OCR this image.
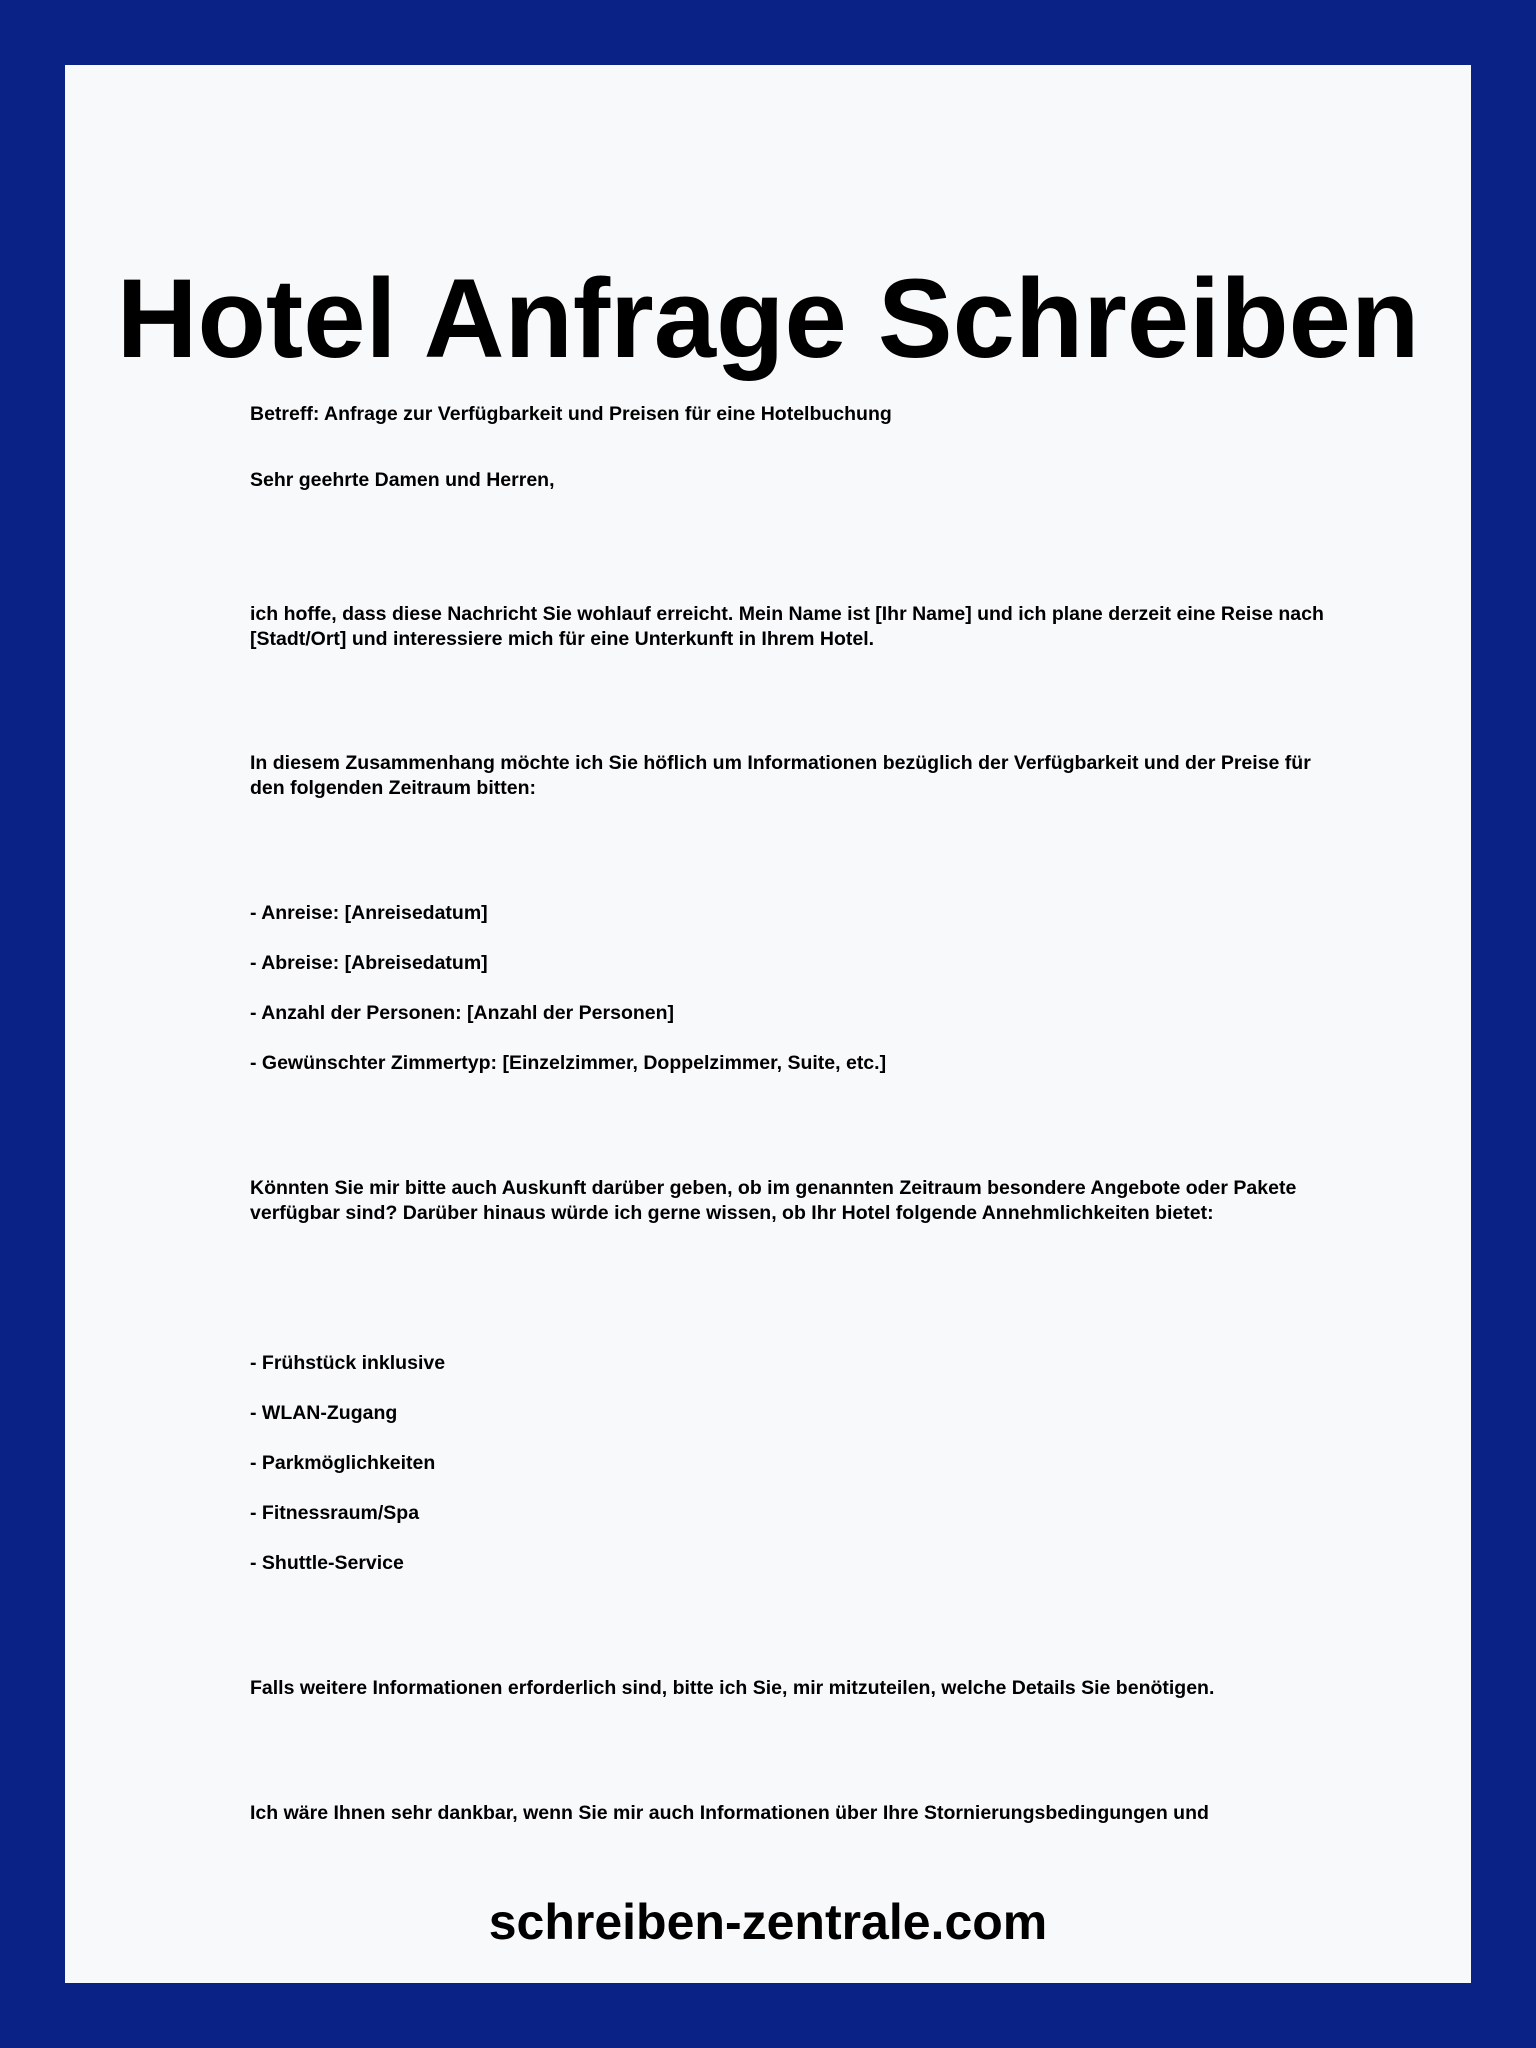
Hotel Anfrage Schreiben

Betreff: Anfrage zur Verfügbarkeit und Preisen für eine Hotelbuchung

Sehr geehrte Damen und Herren,

ich hoffe, dass diese Nachricht Sie wohlauf erreicht. Mein Name ist [Ihr Name] und ich plane derzeit eine Reise nach [Stadt/Ort] und interessiere mich für eine Unterkunft in Ihrem Hotel.

In diesem Zusammenhang möchte ich Sie höflich um Informationen bezüglich der Verfügbarkeit und der Preise für den folgenden Zeitraum bitten:

- Anreise: [Anreisedatum]

- Abreise: [Abreisedatum]

- Anzahl der Personen: [Anzahl der Personen]

- Gewünschter Zimmertyp: [Einzelzimmer, Doppelzimmer, Suite, etc.]

Könnten Sie mir bitte auch Auskunft darüber geben, ob im genannten Zeitraum besondere Angebote oder Pakete verfügbar sind? Darüber hinaus würde ich gerne wissen, ob Ihr Hotel folgende Annehmlichkeiten bietet:

- Frühstück inklusive

- WLAN-Zugang

- Parkmöglichkeiten

- Fitnessraum/Spa

- Shuttle-Service

Falls weitere Informationen erforderlich sind, bitte ich Sie, mir mitzuteilen, welche Details Sie benötigen.

Ich wäre Ihnen sehr dankbar, wenn Sie mir auch Informationen über Ihre Stornierungsbedingungen und

schreiben-zentrale.com
